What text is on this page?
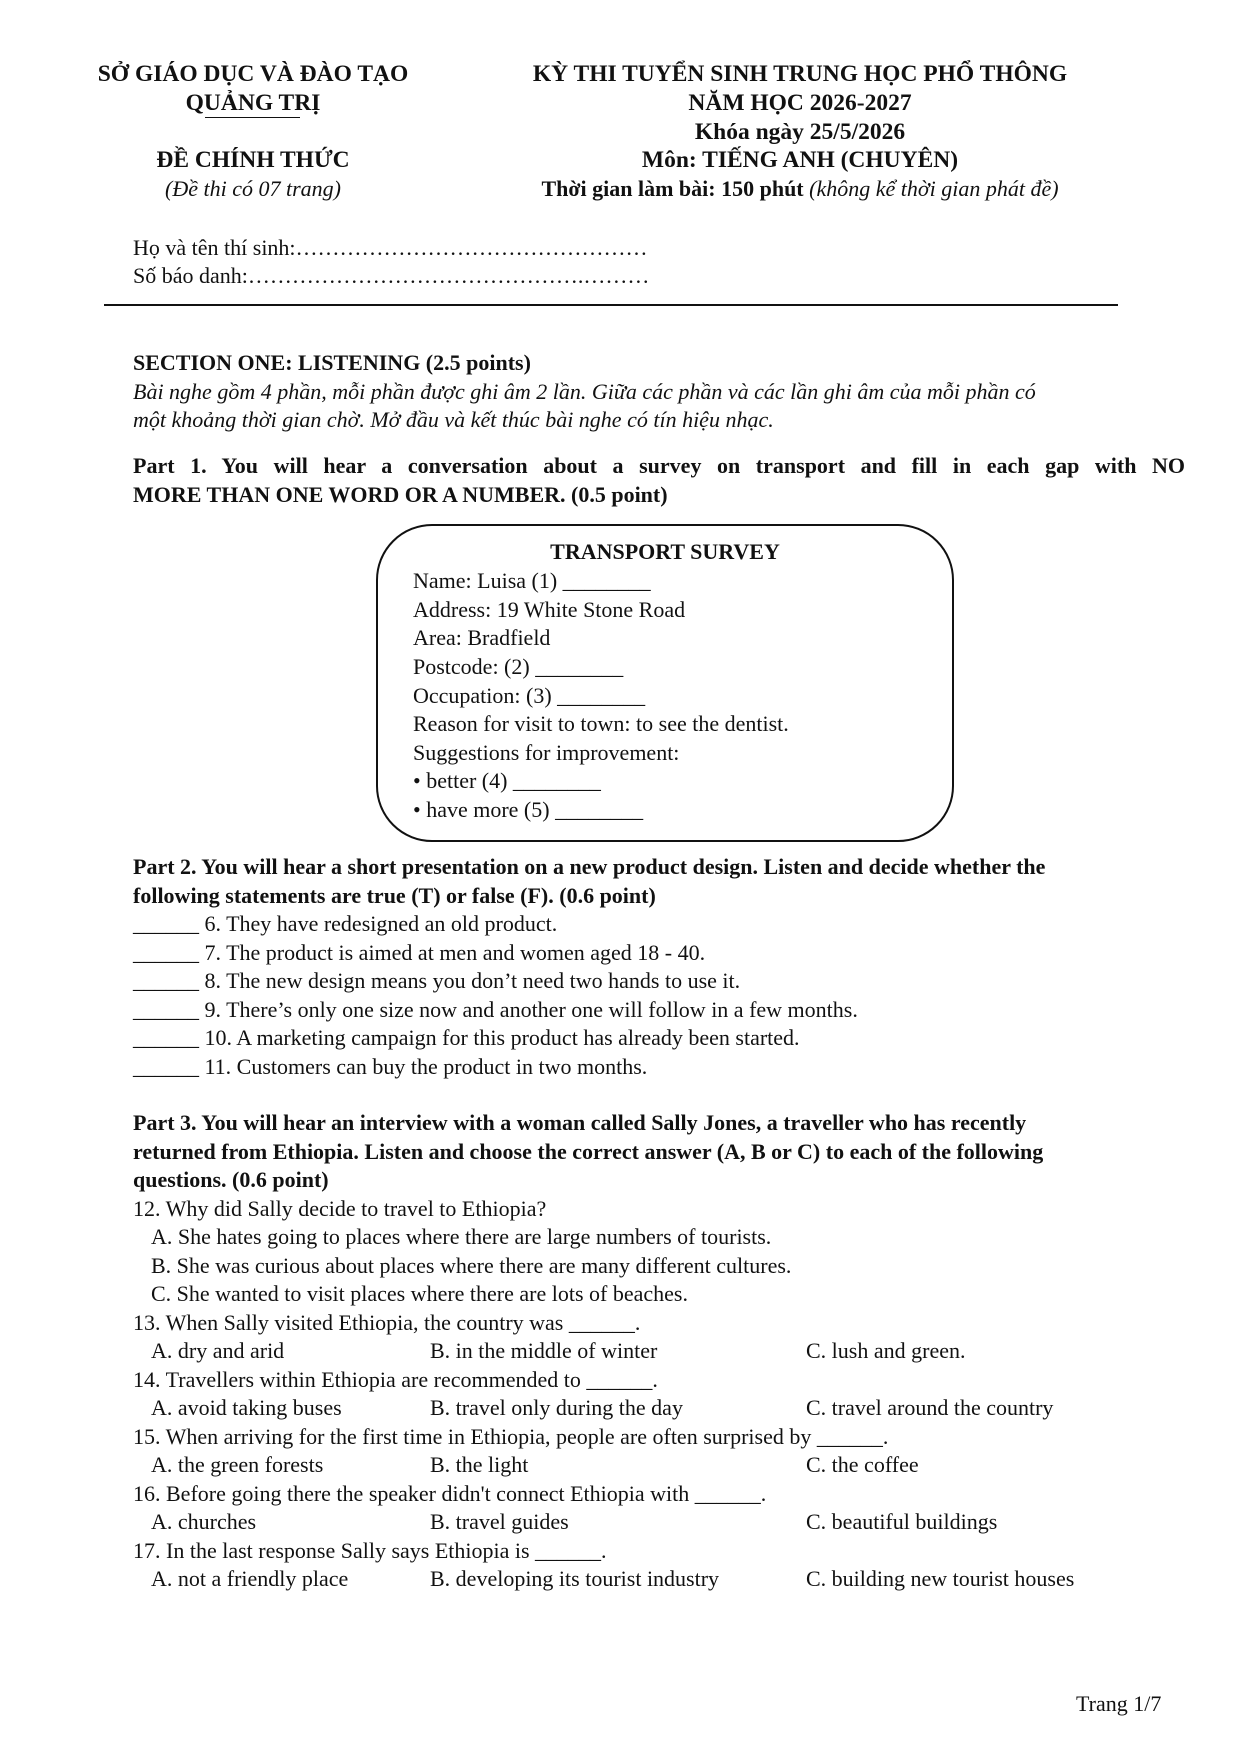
SỞ GIÁO DỤC VÀ ĐÀO TẠO
QUẢNG TRỊ
ĐỀ CHÍNH THỨC
(Đề thi có 07 trang)
KỲ THI TUYỂN SINH TRUNG HỌC PHỔ THÔNG
NĂM HỌC 2026-2027
Khóa ngày 25/5/2026
Môn: TIẾNG ANH (CHUYÊN)
Thời gian làm bài: 150 phút (không kể thời gian phát đề)
Họ và tên thí sinh:…………………………………………
Số báo danh:……………………………………….………
SECTION ONE: LISTENING (2.5 points)
Bài nghe gồm 4 phần, mỗi phần được ghi âm 2 lần. Giữa các phần và các lần ghi âm của mỗi phần có
một khoảng thời gian chờ. Mở đầu và kết thúc bài nghe có tín hiệu nhạc.
Part 1. You will hear a conversation about a survey on transport and fill in each gap with NO
MORE THAN ONE WORD OR A NUMBER. (0.5 point)
TRANSPORT SURVEY
Name: Luisa (1) ________
Address: 19 White Stone Road
Area: Bradfield
Postcode: (2) ________
Occupation: (3) ________
Reason for visit to town: to see the dentist.
Suggestions for improvement:
• better (4) ________
• have more (5) ________
Part 2. You will hear a short presentation on a new product design. Listen and decide whether the
following statements are true (T) or false (F). (0.6 point)
______ 6. They have redesigned an old product.
______ 7. The product is aimed at men and women aged 18 - 40.
______ 8. The new design means you don’t need two hands to use it.
______ 9. There’s only one size now and another one will follow in a few months.
______ 10. A marketing campaign for this product has already been started.
______ 11. Customers can buy the product in two months.
Part 3. You will hear an interview with a woman called Sally Jones, a traveller who has recently
returned from Ethiopia. Listen and choose the correct answer (A, B or C) to each of the following
questions. (0.6 point)
12. Why did Sally decide to travel to Ethiopia?
A. She hates going to places where there are large numbers of tourists.
B. She was curious about places where there are many different cultures.
C. She wanted to visit places where there are lots of beaches.
13. When Sally visited Ethiopia, the country was ______.
A. dry and arid	B. in the middle of winter	C. lush and green.
14. Travellers within Ethiopia are recommended to ______.
A. avoid taking buses	B. travel only during the day	C. travel around the country
15. When arriving for the first time in Ethiopia, people are often surprised by ______.
A. the green forests	B. the light	C. the coffee
16. Before going there the speaker didn't connect Ethiopia with ______.
A. churches	B. travel guides	C. beautiful buildings
17. In the last response Sally says Ethiopia is ______.
A. not a friendly place	B. developing its tourist industry	C. building new tourist houses
Trang 1/7
